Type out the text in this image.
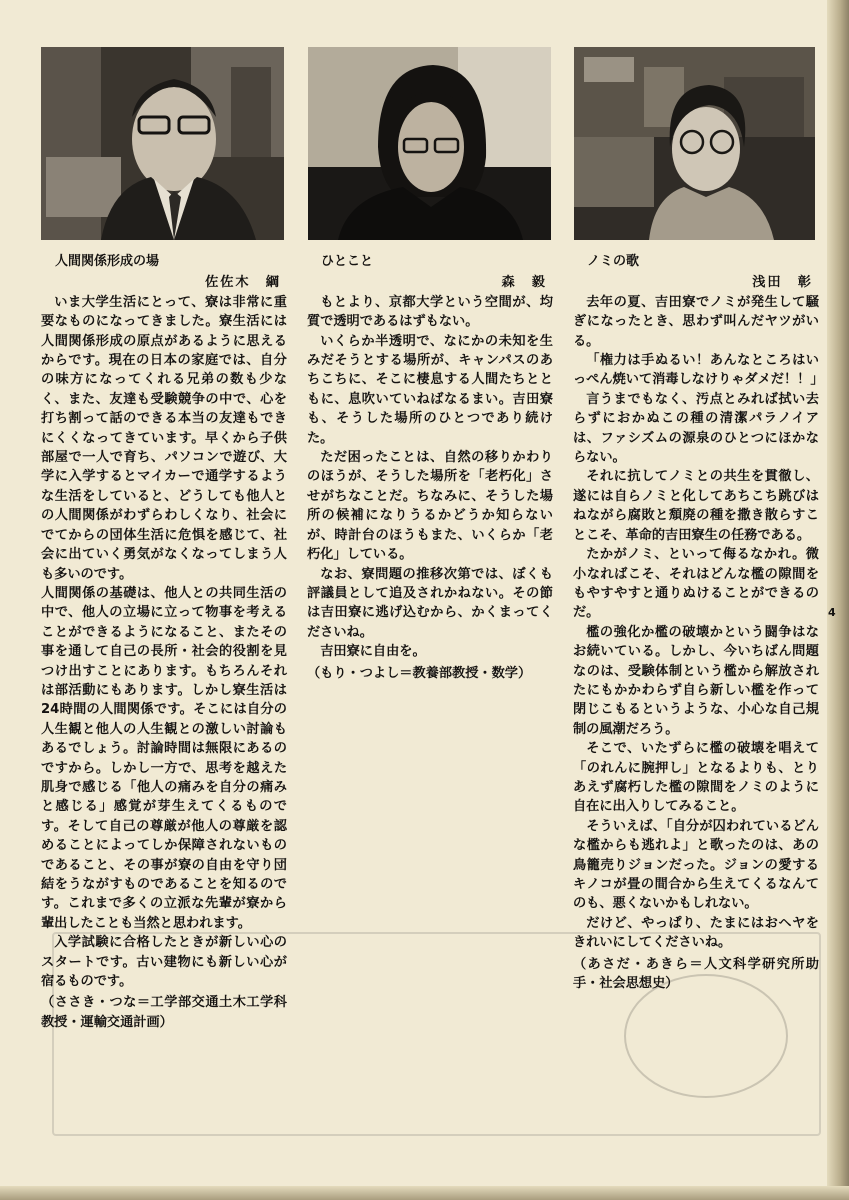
人間関係形成の場
佐佐木　綱

いま大学生活にとって、寮は非常に重要なものになってきました。寮生活には人間関係形成の原点があるように思えるからです。現在の日本の家庭では、自分の味方になってくれる兄弟の数も少なく、また、友達も受験競争の中で、心を打ち割って話のできる本当の友達もできにくくなってきています。早くから子供部屋で一人で育ち、パソコンで遊び、大学に入学するとマイカーで通学するような生活をしていると、どうしても他人との人間関係がわずらわしくなり、社会にでてからの団体生活に危惧を感じて、社会に出ていく勇気がなくなってしまう人も多いのです。

人間関係の基礎は、他人との共同生活の中で、他人の立場に立って物事を考えることができるようになること、またその事を通して自己の長所・社会的役割を見つけ出すことにあります。もちろんそれは部活動にもあります。しかし寮生活は24時間の人間関係です。そこには自分の人生観と他人の人生観との激しい討論もあるでしょう。討論時間は無限にあるのですから。しかし一方で、思考を越えた肌身で感じる「他人の痛みを自分の痛みと感じる」感覚が芽生えてくるものです。そして自己の尊厳が他人の尊厳を認めることによってしか保障されないものであること、その事が寮の自由を守り団結をうながすものであることを知るのです。これまで多くの立派な先輩が寮から輩出したことも当然と思われます。

入学試験に合格したときが新しい心のスタートです。古い建物にも新しい心が宿るものです。

（ささき・つな＝工学部交通土木工学科教授・運輸交通計画）

ひとこと
森　毅

もとより、京都大学という空間が、均質で透明であるはずもない。

いくらか半透明で、なにかの未知を生みだそうとする場所が、キャンパスのあちこちに、そこに棲息する人間たちとともに、息吹いていねばなるまい。吉田寮も、そうした場所のひとつであり続けた。

ただ困ったことは、自然の移りかわりのほうが、そうした場所を「老朽化」させがちなことだ。ちなみに、そうした場所の候補になりうるかどうか知らないが、時計台のほうもまた、いくらか「老朽化」している。

なお、寮問題の推移次第では、ぼくも評議員として追及されかねない。その節は吉田寮に逃げ込むから、かくまってくださいね。

吉田寮に自由を。

（もり・つよし＝教養部教授・数学）

ノミの歌
浅田　彰

去年の夏、吉田寮でノミが発生して騒ぎになったとき、思わず叫んだヤツがいる。

「権力は手ぬるい！あんなところはいっぺん焼いて消毒しなけりゃダメだ！！」

言うまでもなく、汚点とみれば拭い去らずにおかぬこの種の清潔パラノイアは、ファシズムの源泉のひとつにほかならない。

それに抗してノミとの共生を貫徹し、遂には自らノミと化してあちこち跳びはねながら腐敗と頽廃の種を撒き散らすことこそ、革命的吉田寮生の任務である。

たかがノミ、といって侮るなかれ。微小なればこそ、それはどんな檻の隙間をもやすやすと通りぬけることができるのだ。

檻の強化か檻の破壊かという闘争はなお続いている。しかし、今いちばん問題なのは、受験体制という檻から解放されたにもかかわらず自ら新しい檻を作って閉じこもるというような、小心な自己規制の風潮だろう。

そこで、いたずらに檻の破壊を唱えて「のれんに腕押し」となるよりも、とりあえず腐朽した檻の隙間をノミのように自在に出入りしてみること。

そういえば、「自分が囚われているどんな檻からも逃れよ」と歌ったのは、あの鳥籠売りジョンだった。ジョンの愛するキノコが畳の間合から生えてくるなんてのも、悪くないかもしれない。

だけど、やっぱり、たまにはおヘヤをきれいにしてくださいね。

（あさだ・あきら＝人文科学研究所助手・社会思想史）

4
